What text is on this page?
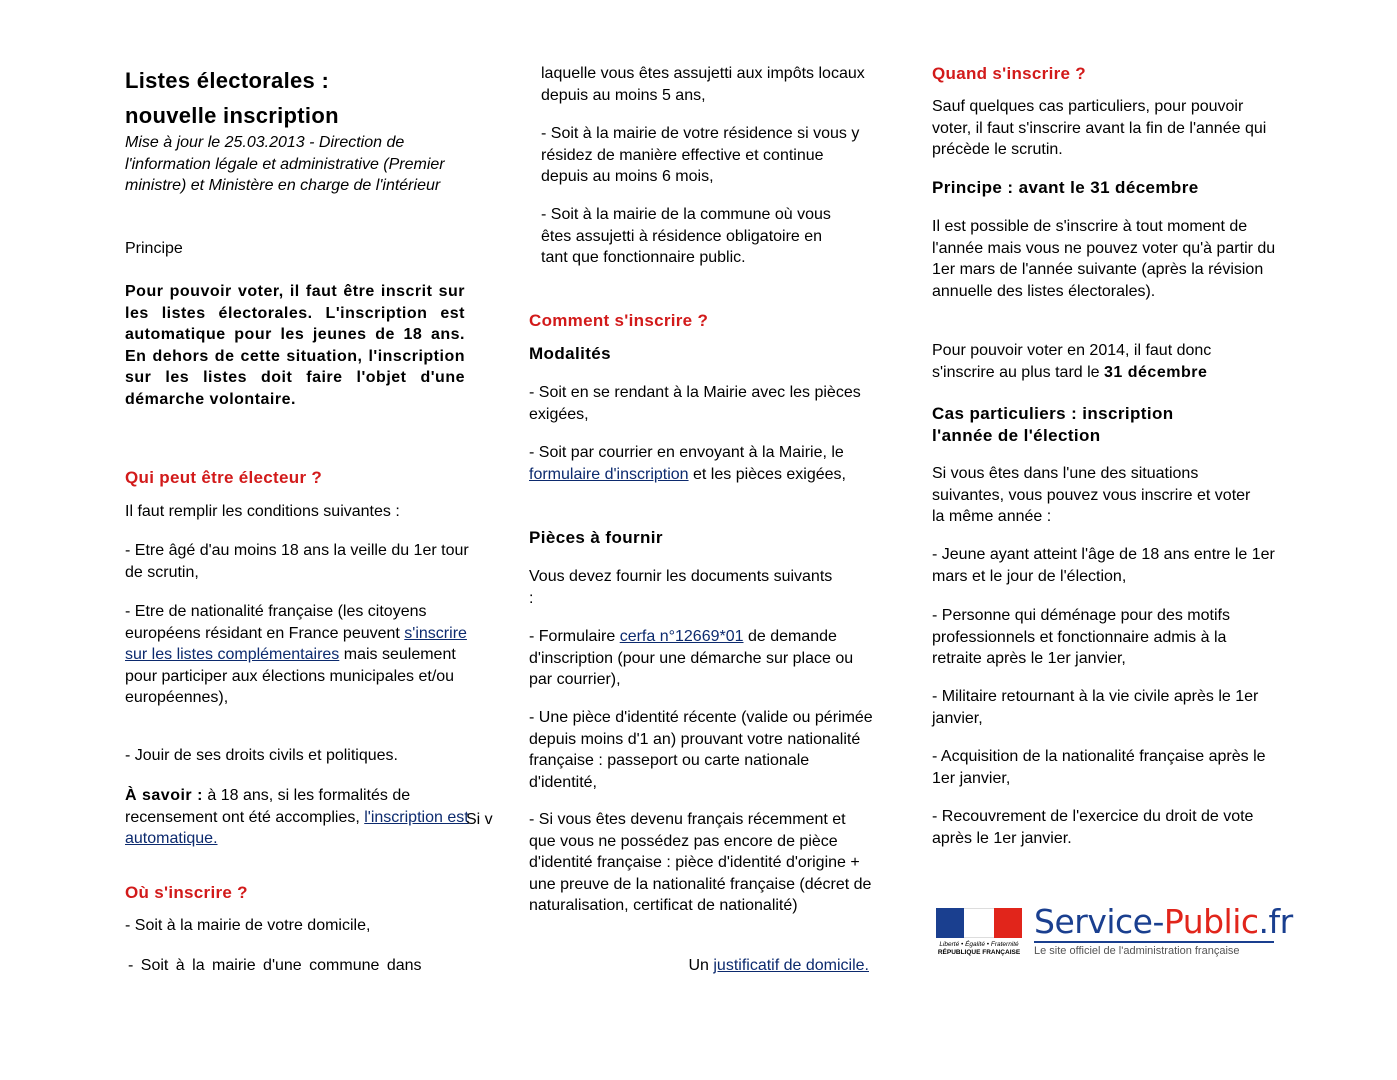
Listes électorales :

nouvelle inscription

Mise à jour le 25.03.2013 - Direction de l'information légale et administrative (Premier ministre) et Ministère en charge de l'intérieur

Principe

Pour pouvoir voter, il faut être inscrit sur les listes électorales. L'inscription est automatique pour les jeunes de 18 ans. En dehors de cette situation, l'inscription sur les listes doit faire l'objet d'une démarche volontaire.

Qui peut être électeur ?

Il faut remplir les conditions suivantes :

- Etre âgé d'au moins 18 ans la veille du 1er tour de scrutin,

- Etre de nationalité française (les citoyens européens résidant en France peuvent s'inscrire sur les listes complémentaires mais seulement pour participer aux élections municipales et/ou européennes),

- Jouir de ses droits civils et politiques.

À savoir : à 18 ans, si les formalités de recensement ont été accomplies, l'inscription est automatique.

Où s'inscrire ?

- Soit à la mairie de votre domicile,

- Soit à la mairie d'une commune dans

Si v

laquelle vous êtes assujetti aux impôts locaux depuis au moins 5 ans,

- Soit à la mairie de votre résidence si vous y résidez de manière effective et continue depuis au moins 6 mois,

- Soit à la mairie de la commune où vous êtes assujetti à résidence obligatoire en tant que fonctionnaire public.

Comment s'inscrire ?

Modalités

- Soit en se rendant à la Mairie avec les pièces exigées,

- Soit par courrier en envoyant à la Mairie, le formulaire d'inscription et les pièces exigées,

Pièces à fournir

Vous devez fournir les documents suivants :

- Formulaire cerfa n°12669*01 de demande d'inscription (pour une démarche sur place ou par courrier),

- Une pièce d'identité récente (valide ou périmée depuis moins d'1 an) prouvant votre nationalité française : passeport ou carte nationale d'identité,

- Si vous êtes devenu français récemment et que vous ne possédez pas encore de pièce d'identité française : pièce d'identité d'origine + une preuve de la nationalité française (décret de naturalisation, certificat de nationalité)

Un justificatif de domicile.

Quand s'inscrire ?

Sauf quelques cas particuliers, pour pouvoir voter, il faut s'inscrire avant la fin de l'année qui précède le scrutin.

Principe : avant le 31 décembre

Il est possible de s'inscrire à tout moment de l'année mais vous ne pouvez voter qu'à partir du 1er mars de l'année suivante (après la révision annuelle des listes électorales).

Pour pouvoir voter en 2014, il faut donc s'inscrire au plus tard le 31 décembre

Cas particuliers : inscription l'année de l'élection

Si vous êtes dans l'une des situations suivantes, vous pouvez vous inscrire et voter la même année :

- Jeune ayant atteint l'âge de 18 ans entre le 1er mars et le jour de l'élection,

- Personne qui déménage pour des motifs professionnels et fonctionnaire admis à la retraite après le 1er janvier,

- Militaire retournant à la vie civile après le 1er janvier,

- Acquisition de la nationalité française après le 1er janvier,

- Recouvrement de l'exercice du droit de vote après le 1er janvier.

Liberté • Égalité • Fraternité
RÉPUBLIQUE FRANÇAISE
Service-Public.fr
Le site officiel de l'administration française
